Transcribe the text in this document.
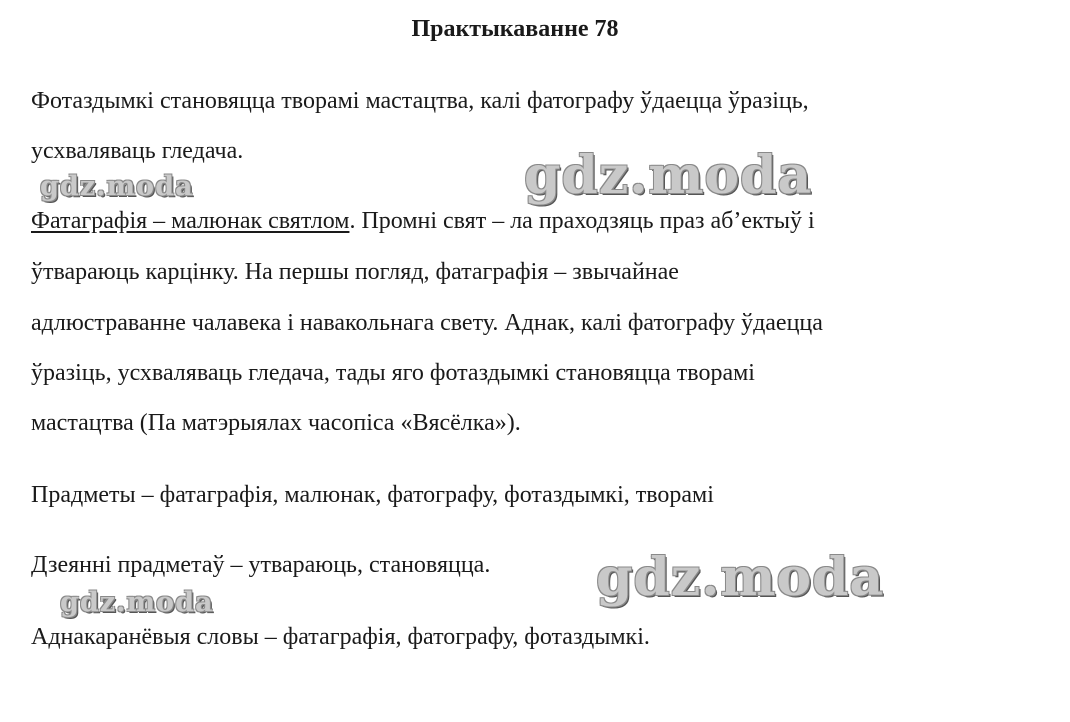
Практыкаванне 78
Фотаздымкі становяцца творамі мастацтва, калі фатографу ўдаецца ўразіць,
усхваляваць гледача.
Фатаграфія – малюнак святлом. Промні свят – ла праходзяць праз аб’ектыў і
ўтвараюць карцінку. На першы погляд, фатаграфія – звычайнае
адлюстраванне чалавека і навакольнага свету. Аднак, калі фатографу ўдаецца
ўразіць, усхваляваць гледача, тады яго фотаздымкі становяцца творамі
мастацтва (Па матэрыялах часопіса «Вясёлка»).
Прадметы – фатаграфія, малюнак, фатографу, фотаздымкі, творамі
Дзеянні прадметаў – утвараюць, становяцца.
Аднакаранёвыя словы – фатаграфія, фатографу, фотаздымкі.
gdz.moda	gdz.moda
gdz.moda	gdz.moda
